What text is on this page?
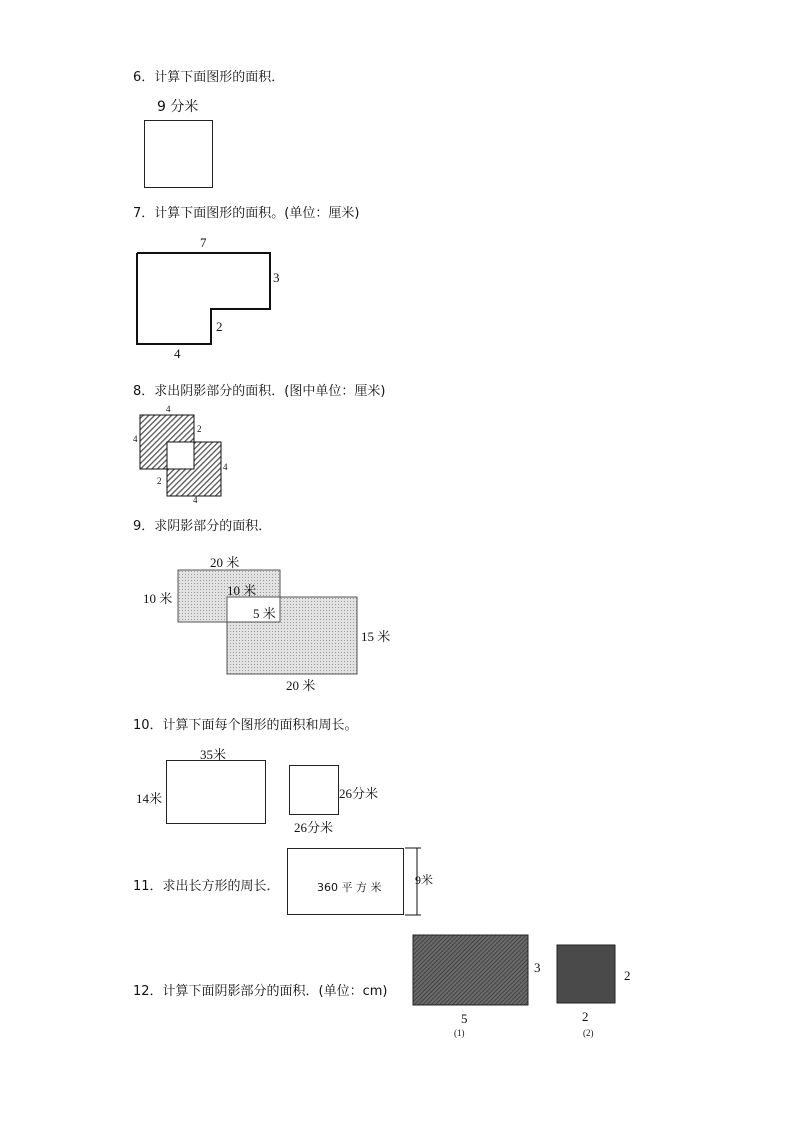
6．计算下面图形的面积．
9 分米
7．计算下面图形的面积。(单位：厘米)
7
3
2
4
8．求出阴影部分的面积．(图中单位：厘米)
4
4
2
4
2
4
9．求阴影部分的面积．
20 米
10 米
10 米
5 米
15 米
20 米
10．计算下面每个图形的面积和周长。
35米
14米	26分米
26分米
11．求出长方形的周长．	360 平 方 米
9米
12．计算下面阴影部分的面积．(单位：cm)
3
5
(1)
2
2
(2)
